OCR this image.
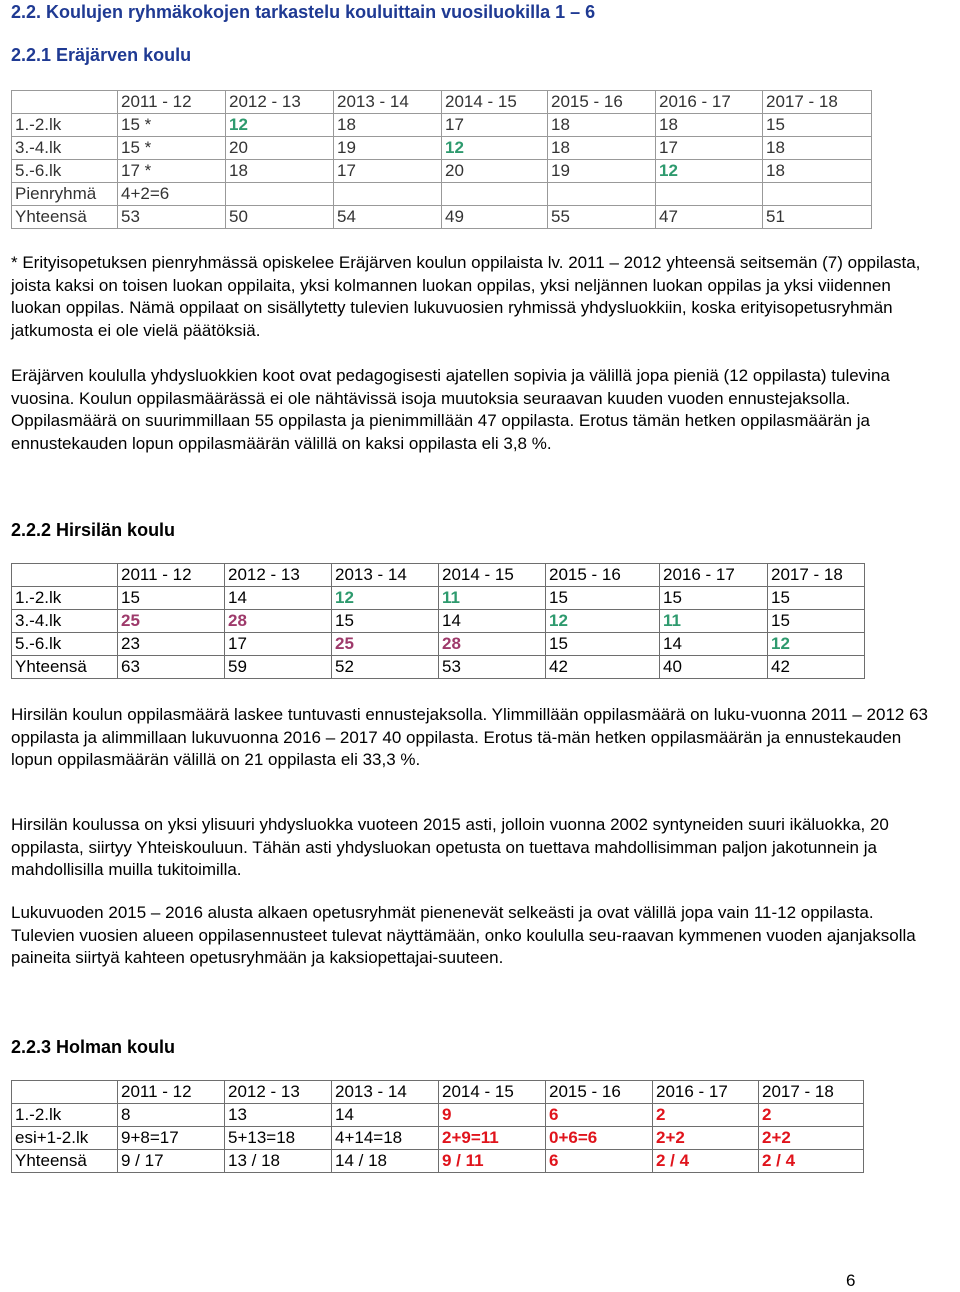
2.2. Koulujen ryhmäkokojen tarkastelu kouluittain vuosiluokilla 1 – 6
2.2.1 Eräjärven koulu
	2011 - 12	2012 - 13	2013 - 14	2014 - 15	2015 - 16	2016 - 17	2017 - 18
1.-2.lk	15 *	12	18	17	18	18	15
3.-4.lk	15 *	20	19	12	18	17	18
5.-6.lk	17 *	18	17	20	19	12	18
Pienryhmä	4+2=6						
Yhteensä	53	50	54	49	55	47	51

* Erityisopetuksen pienryhmässä opiskelee Eräjärven koulun oppilaista lv. 2011 – 2012 yhteensä seitsemän (7) oppilasta, joista kaksi on toisen luokan oppilaita, yksi kolmannen luokan oppilas, yksi neljännen luokan oppilas ja yksi viidennen luokan oppilas. Nämä oppilaat on sisällytetty tulevien lukuvuosien ryhmissä yhdysluokkiin, koska erityisopetusryhmän jatkumosta ei ole vielä päätöksiä.

Eräjärven koululla yhdysluokkien koot ovat pedagogisesti ajatellen sopivia ja välillä jopa pieniä (12 oppilasta) tulevina vuosina. Koulun oppilasmäärässä ei ole nähtävissä isoja muutoksia seuraavan kuuden vuoden ennustejaksolla. Oppilasmäärä on suurimmillaan 55 oppilasta ja pienimmillään 47 oppilasta. Erotus tämän hetken oppilasmäärän ja ennustekauden lopun oppilasmäärän välillä on kaksi oppilasta eli 3,8 %.

2.2.2 Hirsilän koulu
	2011 - 12	2012 - 13	2013 - 14	2014 - 15	2015 - 16	2016 - 17	2017 - 18
1.-2.lk	15	14	12	11	15	15	15
3.-4.lk	25	28	15	14	12	11	15
5.-6.lk	23	17	25	28	15	14	12
Yhteensä	63	59	52	53	42	40	42

Hirsilän koulun oppilasmäärä laskee tuntuvasti ennustejaksolla. Ylimmillään oppilasmäärä on luku-vuonna 2011 – 2012 63 oppilasta ja alimmillaan lukuvuonna 2016 – 2017 40 oppilasta. Erotus tä-män hetken oppilasmäärän ja ennustekauden lopun oppilasmäärän välillä on 21 oppilasta eli 33,3 %.

Hirsilän koulussa on yksi ylisuuri yhdysluokka vuoteen 2015 asti, jolloin vuonna 2002 syntyneiden suuri ikäluokka, 20 oppilasta, siirtyy Yhteiskouluun. Tähän asti yhdysluokan opetusta on tuettava mahdollisimman paljon jakotunnein ja mahdollisilla muilla tukitoimilla.

Lukuvuoden 2015 – 2016 alusta alkaen opetusryhmät pienenevät selkeästi ja ovat välillä jopa vain 11-12 oppilasta. Tulevien vuosien alueen oppilasennusteet tulevat näyttämään, onko koululla seu-raavan kymmenen vuoden ajanjaksolla paineita siirtyä kahteen opetusryhmään ja kaksiopettajai-suuteen.

2.2.3 Holman koulu
	2011 - 12	2012 - 13	2013 - 14	2014 - 15	2015 - 16	2016 - 17	2017 - 18
1.-2.lk	8	13	14	9	6	2	2
esi+1-2.lk	9+8=17	5+13=18	4+14=18	2+9=11	0+6=6	2+2	2+2
Yhteensä	9 / 17	13 / 18	14 / 18	9 / 11	6	2 / 4	2 / 4
6
